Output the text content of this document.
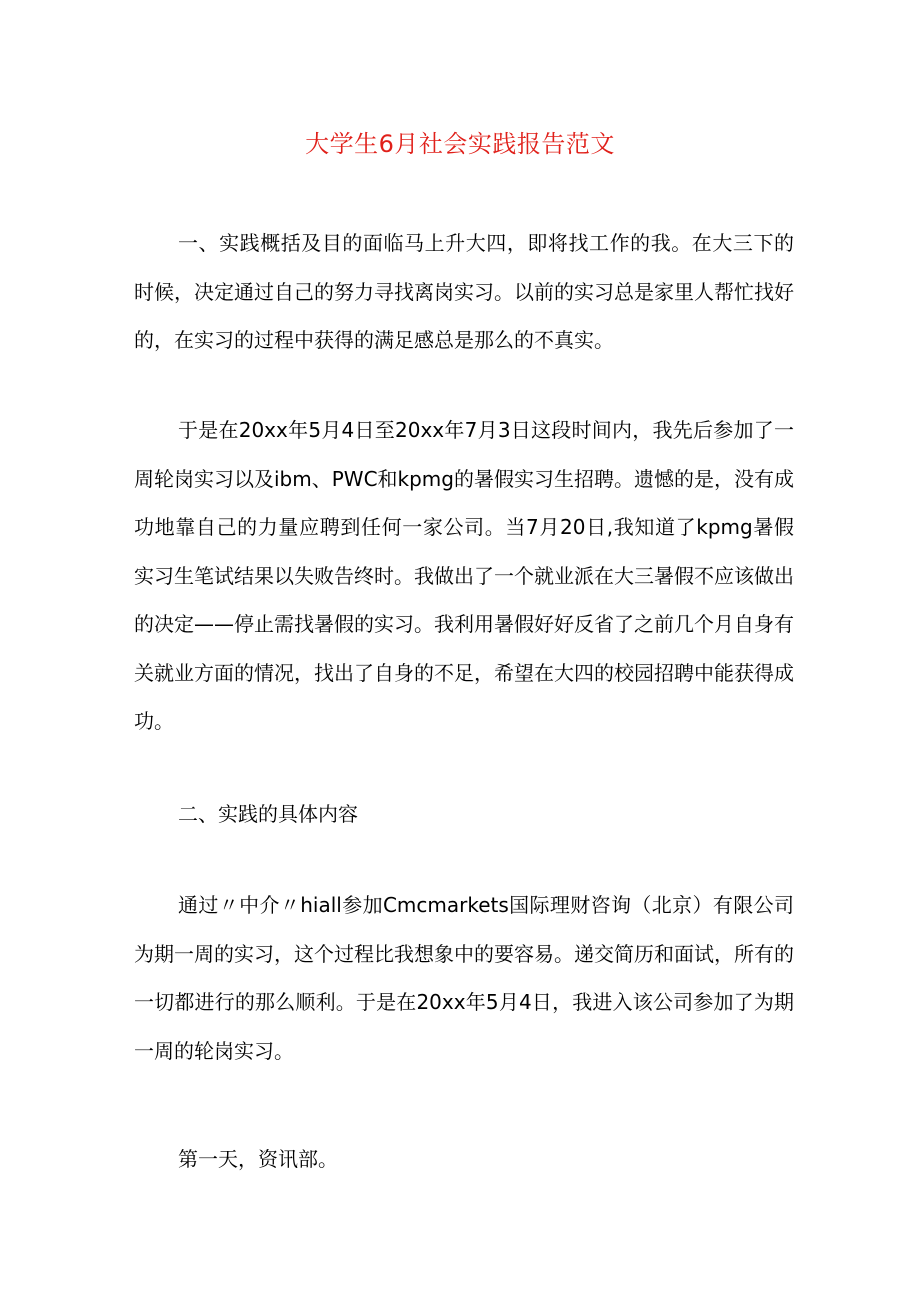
大学生6月社会实践报告范文

一、实践概括及目的面临马上升大四，即将找工作的我。在大三下的时候，决定通过自己的努力寻找离岗实习。以前的实习总是家里人帮忙找好的，在实习的过程中获得的满足感总是那么的不真实。

于是在20xx年5月4日至20xx年7月3日这段时间内，我先后参加了一周轮岗实习以及ibm、PWC和kpmg的暑假实习生招聘。遗憾的是，没有成功地靠自己的力量应聘到任何一家公司。当7月20日,我知道了kpmg暑假实习生笔试结果以失败告终时。我做出了一个就业派在大三暑假不应该做出的决定——停止需找暑假的实习。我利用暑假好好反省了之前几个月自身有关就业方面的情况，找出了自身的不足，希望在大四的校园招聘中能获得成功。

二、实践的具体内容

通过〃中介〃hiall参加Cmcmarkets国际理财咨询（北京）有限公司为期一周的实习，这个过程比我想象中的要容易。递交简历和面试，所有的一切都进行的那么顺利。于是在20xx年5月4日，我进入该公司参加了为期一周的轮岗实习。

第一天，资讯部。
